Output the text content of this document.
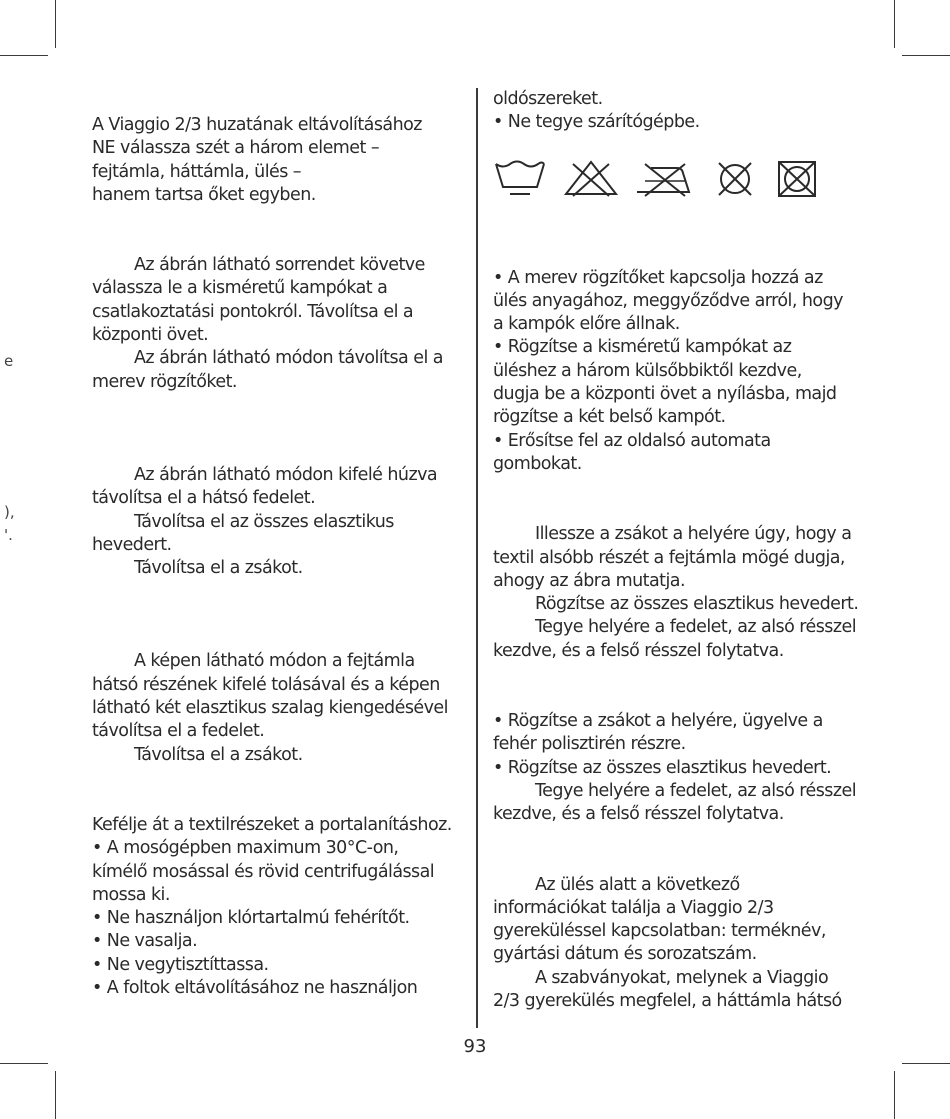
e
),
'.

A Viaggio 2/3 huzatának eltávolításához
NE válassza szét a három elemet –
fejtámla, háttámla, ülés –
hanem tartsa őket egyben.

Az ábrán látható sorrendet követve
válassza le a kisméretű kampókat a
csatlakoztatási pontokról. Távolítsa el a
központi övet.

Az ábrán látható módon távolítsa el a
merev rögzítőket.

Az ábrán látható módon kifelé húzva
távolítsa el a hátsó fedelet.

Távolítsa el az összes elasztikus
hevedert.

Távolítsa el a zsákot.

A képen látható módon a fejtámla
hátsó részének kifelé tolásával és a képen
látható két elasztikus szalag kiengedésével
távolítsa el a fedelet.

Távolítsa el a zsákot.

Kefélje át a textilrészeket a portalanításhoz.
• A mosógépben maximum 30°C-on,
kímélő mosással és rövid centrifugálással
mossa ki.
• Ne használjon klórtartalmú fehérítőt.
• Ne vasalja.
• Ne vegytisztíttassa.
• A foltok eltávolításához ne használjon

oldószereket.
• Ne tegye szárítógépbe.

• A merev rögzítőket kapcsolja hozzá az
ülés anyagához, meggyőződve arról, hogy
a kampók előre állnak.
• Rögzítse a kisméretű kampókat az
üléshez a három külsőbbiktől kezdve,
dugja be a központi övet a nyílásba, majd
rögzítse a két belső kampót.
• Erősítse fel az oldalsó automata
gombokat.

Illessze a zsákot a helyére úgy, hogy a
textil alsóbb részét a fejtámla mögé dugja,
ahogy az ábra mutatja.

Rögzítse az összes elasztikus hevedert.

Tegye helyére a fedelet, az alsó résszel
kezdve, és a felső résszel folytatva.

• Rögzítse a zsákot a helyére, ügyelve a
fehér polisztirén részre.
• Rögzítse az összes elasztikus hevedert.

Tegye helyére a fedelet, az alsó résszel
kezdve, és a felső résszel folytatva.

Az ülés alatt a következő
információkat találja a Viaggio 2/3
gyereküléssel kapcsolatban: terméknév,
gyártási dátum és sorozatszám.

A szabványokat, melynek a Viaggio
2/3 gyerekülés megfelel, a háttámla hátsó

93
